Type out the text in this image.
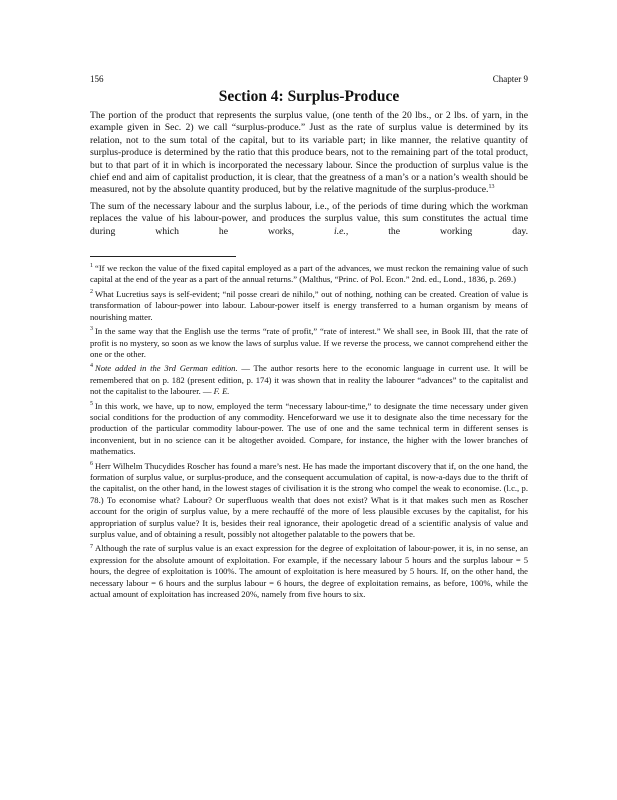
156	Chapter 9
Section 4: Surplus-Produce

The portion of the product that represents the surplus value, (one tenth of the 20 lbs., or 2 lbs. of yarn, in the example given in Sec. 2) we call “surplus-produce.” Just as the rate of surplus value is determined by its relation, not to the sum total of the capital, but to its variable part; in like manner, the relative quantity of surplus-produce is determined by the ratio that this produce bears, not to the remaining part of the total product, but to that part of it in which is incorporated the necessary labour. Since the production of surplus value is the chief end and aim of capitalist production, it is clear, that the greatness of a man’s or a nation’s wealth should be measured, not by the absolute quantity produced, but by the relative magnitude of the surplus-produce.$^{13}$

The sum of the necessary labour and the surplus labour, i.e., of the periods of time during which the workman replaces the value of his labour-power, and produces the surplus value, this sum constitutes the actual time during which he works, i.e., the working day.

$^1$ “If we reckon the value of the fixed capital employed as a part of the advances, we must reckon the remaining value of such capital at the end of the year as a part of the annual returns.” (Malthus, “Princ. of Pol. Econ.” 2nd. ed., Lond., 1836, p. 269.)

$^2$ What Lucretius says is self-evident; “nil posse creari de nihilo,” out of nothing, nothing can be created. Creation of value is transformation of labour-power into labour. Labour-power itself is energy transferred to a human organism by means of nourishing matter.

$^3$ In the same way that the English use the terms “rate of profit,” “rate of interest.” We shall see, in Book III, that the rate of profit is no mystery, so soon as we know the laws of surplus value. If we reverse the process, we cannot comprehend either the one or the other.

$^4$ Note added in the 3rd German edition. — The author resorts here to the economic language in current use. It will be remembered that on p. 182 (present edition, p. 174) it was shown that in reality the labourer “advances” to the capitalist and not the capitalist to the labourer. — F. E.

$^5$ In this work, we have, up to now, employed the term “necessary labour-time,” to designate the time necessary under given social conditions for the production of any commodity. Henceforward we use it to designate also the time necessary for the production of the particular commodity labour-power. The use of one and the same technical term in different senses is inconvenient, but in no science can it be altogether avoided. Compare, for instance, the higher with the lower branches of mathematics.

$^6$ Herr Wilhelm Thucydides Roscher has found a mare’s nest. He has made the important discovery that if, on the one hand, the formation of surplus value, or surplus-produce, and the consequent accumulation of capital, is now-a-days due to the thrift of the capitalist, on the other hand, in the lowest stages of civilisation it is the strong who compel the weak to economise. (l.c., p. 78.) To economise what? Labour? Or superfluous wealth that does not exist? What is it that makes such men as Roscher account for the origin of surplus value, by a mere rechauffé of the more of less plausible excuses by the capitalist, for his appropriation of surplus value? It is, besides their real ignorance, their apologetic dread of a scientific analysis of value and surplus value, and of obtaining a result, possibly not altogether palatable to the powers that be.

$^7$ Although the rate of surplus value is an exact expression for the degree of exploitation of labour-power, it is, in no sense, an expression for the absolute amount of exploitation. For example, if the necessary labour 5 hours and the surplus labour = 5 hours, the degree of exploitation is 100%. The amount of exploitation is here measured by 5 hours. If, on the other hand, the necessary labour = 6 hours and the surplus labour = 6 hours, the degree of exploitation remains, as before, 100%, while the actual amount of exploitation has increased 20%, namely from five hours to six.
